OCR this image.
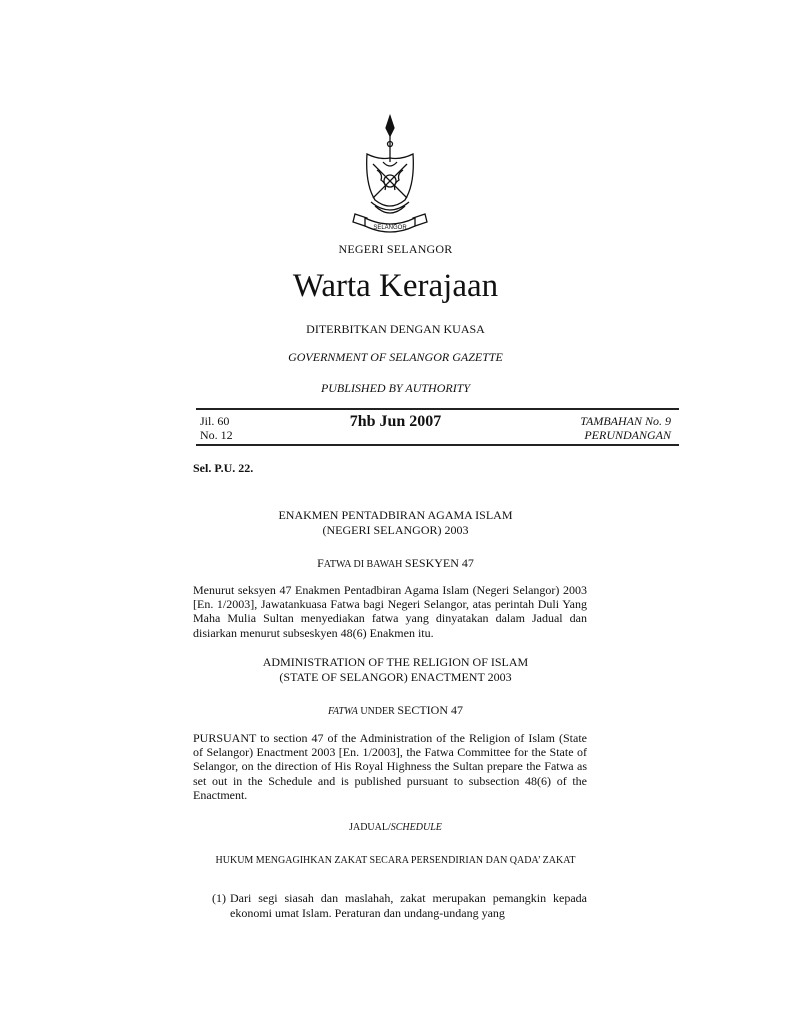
SELANGOR
NEGERI SELANGOR
Warta Kerajaan
DITERBITKAN DENGAN KUASA
GOVERNMENT OF SELANGOR GAZETTE
PUBLISHED BY AUTHORITY
Jil. 60
No. 12
7hb Jun 2007	TAMBAHAN No. 9
PERUNDANGAN
Sel. P.U. 22.
ENAKMEN PENTADBIRAN AGAMA ISLAM
(NEGERI SELANGOR) 2003
FATWA DI BAWAH SESKYEN 47
Menurut seksyen 47 Enakmen Pentadbiran Agama Islam (Negeri Selangor) 2003 [En. 1/2003], Jawatankuasa Fatwa bagi Negeri Selangor, atas perintah Duli Yang Maha Mulia Sultan menyediakan fatwa yang dinyatakan dalam Jadual dan disiarkan menurut subseskyen 48(6) Enakmen itu.
ADMINISTRATION OF THE RELIGION OF ISLAM
(STATE OF SELANGOR) ENACTMENT 2003
FATWA UNDER SECTION 47
PURSUANT to section 47 of the Administration of the Religion of Islam (State of Selangor) Enactment 2003 [En. 1/2003], the Fatwa Committee for the State of Selangor, on the direction of His Royal Highness the Sultan prepare the Fatwa as set out in the Schedule and is published pursuant to subsection 48(6) of the Enactment.
JADUAL/SCHEDULE
HUKUM MENGAGIHKAN ZAKAT SECARA PERSENDIRIAN DAN QADA’ ZAKAT
(1) Dari segi siasah dan maslahah, zakat merupakan pemangkin kepada ekonomi umat Islam. Peraturan dan undang-undang yang
